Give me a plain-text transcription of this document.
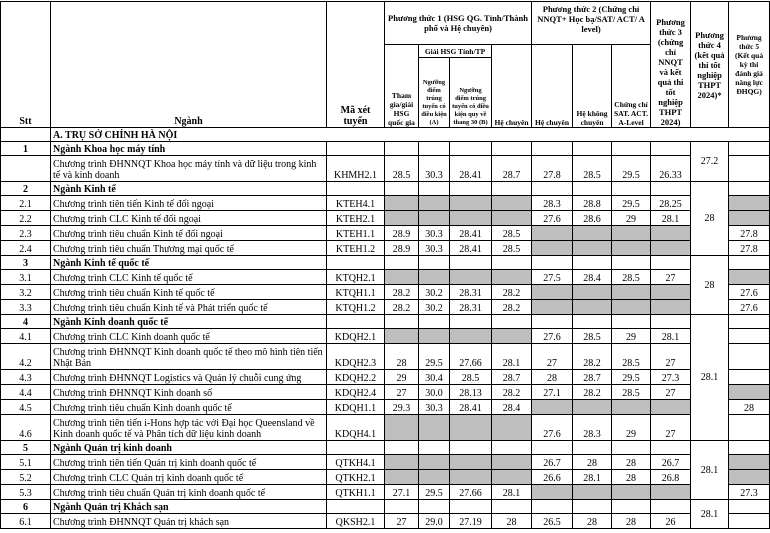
Stt	Ngành	Mã xét tuyển	Phương thức 1 (HSG QG. Tỉnh/Thành phố và Hệ chuyên)				Phương thức 2 (Chứng chỉ NNQT+ Học bạ/SAT/ ACT/ A level)			Phương thức 3 (chứng chỉ NNQT và kết quả thi tốt nghiệp THPT 2024)	Phương thức 4 (kết quả thi tốt nghiệp THPT 2024)*	Phương thức 5 (Kết quả kỳ thi đánh giá năng lực ĐHQG)
			Tham gia/giải HSG quốc gia	Giải HSG Tỉnh/TP		Hệ chuyên	Hệ chuyên	Hệ không chuyên	Chứng chỉ SAT. ACT. A-Level			
				Ngưỡng điểm trúng tuyển có điều kiện (A)	Ngưỡng điểm trúng tuyển có điều kiện quy về thang 30 (B)							
	A. TRỤ SỞ CHÍNH HÀ NỘI											
1	Ngành Khoa học máy tính										27.2	
	Chương trình ĐHNNQT Khoa học máy tính và dữ liệu trong kinh tế và kinh doanh	KHMH2.1	28.5	30.3	28.41	28.7	27.8	28.5	29.5	26.33		
2	Ngành Kinh tế										28	
2.1	Chương trình tiên tiến Kinh tế đối ngoại	KTEH4.1					28.3	28.8	29.5	28.25		
2.2	Chương trình CLC Kinh tế đối ngoại	KTEH2.1					27.6	28.6	29	28.1		
2.3	Chương trình tiêu chuẩn Kinh tế đối ngoại	KTEH1.1	28.9	30.3	28.41	28.5						27.8
2.4	Chương trình tiêu chuẩn Thương mại quốc tế	KTEH1.2	28.9	30.3	28.41	28.5						27.8
3	Ngành Kinh tế quốc tế										28	
3.1	Chương trình CLC Kinh tế quốc tế	KTQH2.1					27.5	28.4	28.5	27		
3.2	Chương trình tiêu chuẩn Kinh tế quốc tế	KTQH1.1	28.2	30.2	28.31	28.2						27.6
3.3	Chương trình tiêu chuẩn Kinh tế và Phát triển quốc tế	KTQH1.2	28.2	30.2	28.31	28.2						27.6
4	Ngành Kinh doanh quốc tế										28.1	
4.1	Chương trình CLC Kinh doanh quốc tế	KDQH2.1					27.6	28.5	29	28.1		
4.2	Chương trình ĐHNNQT Kinh doanh quốc tế theo mô hình tiên tiến Nhật Bản	KDQH2.3	28	29.5	27.66	28.1	27	28.2	28.5	27		
4.3	Chương trình ĐHNNQT Logistics và Quản lý chuỗi cung ứng	KDQH2.2	29	30.4	28.5	28.7	28	28.7	29.5	27.3		
4.4	Chương trình ĐHNNQT Kinh doanh số	KDQH2.4	27	30.0	28.13	28.2	27.1	28.2	28.5	27		
4.5	Chương trình tiêu chuẩn Kinh doanh quốc tế	KDQH1.1	29.3	30.3	28.41	28.4						28
4.6	Chương trình tiên tiến i-Hons hợp tác với Đại học Queensland về Kinh doanh quốc tế và Phân tích dữ liệu kinh doanh	KDQH4.1					27.6	28.3	29	27		
5	Ngành Quản trị kinh doanh										28.1	
5.1	Chương trình tiên tiến Quản trị kinh doanh quốc tế	QTKH4.1					26.7	28	28	26.7		
5.2	Chương trình CLC Quản trị kinh doanh quốc tế	QTKH2.1					26.6	28.1	28	26.8		
5.3	Chương trình tiêu chuẩn Quản trị kinh doanh quốc tế	QTKH1.1	27.1	29.5	27.66	28.1						27.3
6	Ngành Quản trị Khách sạn										28.1	
6.1	Chương trình ĐHNNQT Quản trị khách sạn	QKSH2.1	27	29.0	27.19	28	26.5	28	28	26		
